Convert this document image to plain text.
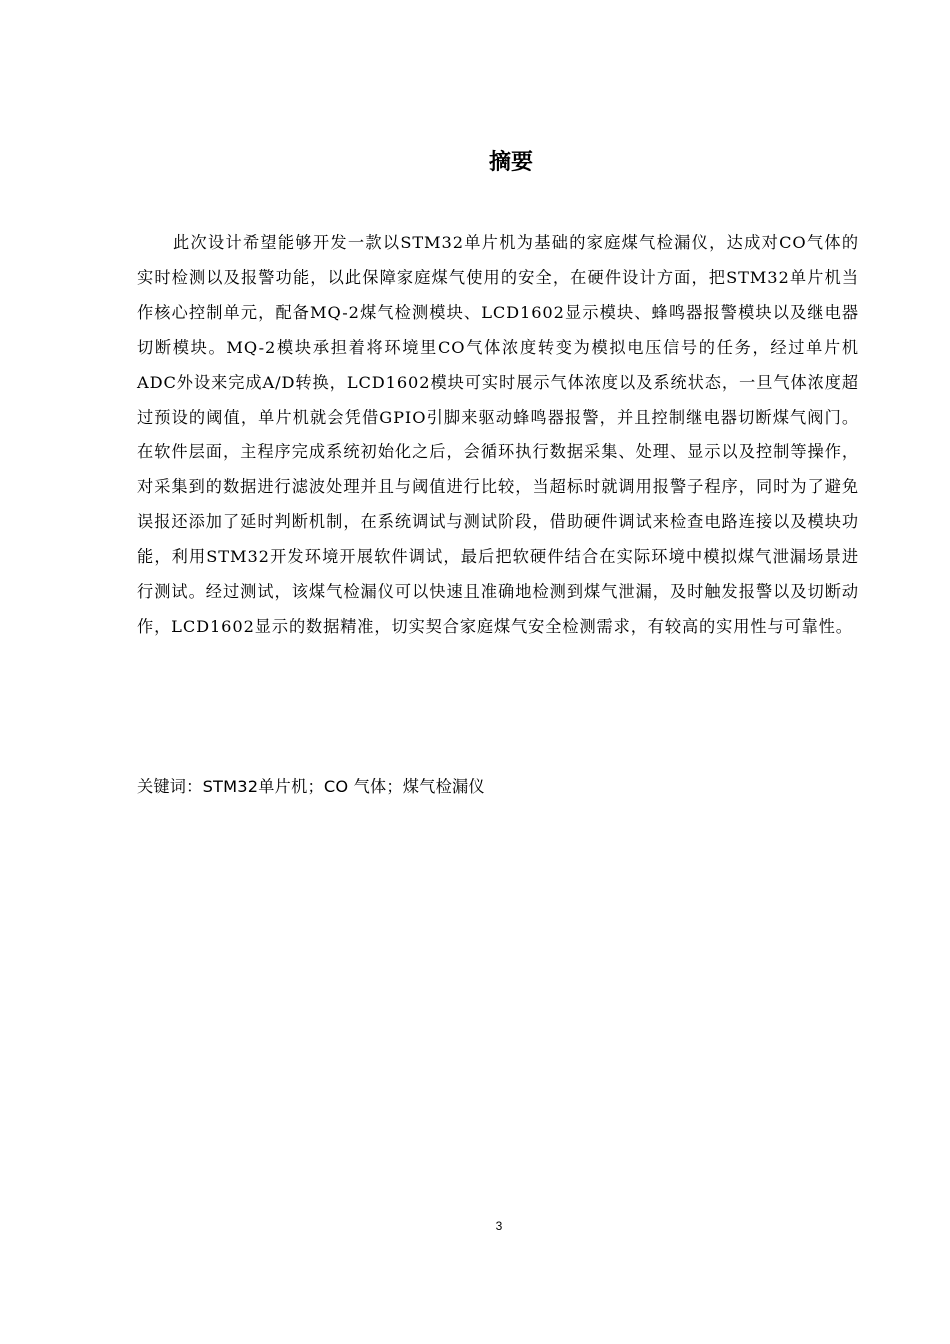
摘要

此次设计希望能够开发一款以STM32单片机为基础的家庭煤气检漏仪，达成对CO气体的实时检测以及报警功能，以此保障家庭煤气使用的安全，在硬件设计方面，把STM32单片机当作核心控制单元，配备MQ-2煤气检测模块、LCD1602显示模块、蜂鸣器报警模块以及继电器切断模块。MQ-2模块承担着将环境里CO气体浓度转变为模拟电压信号的任务，经过单片机ADC外设来完成A/D转换，LCD1602模块可实时展示气体浓度以及系统状态，一旦气体浓度超过预设的阈值，单片机就会凭借GPIO引脚来驱动蜂鸣器报警，并且控制继电器切断煤气阀门。在软件层面，主程序完成系统初始化之后，会循环执行数据采集、处理、显示以及控制等操作，对采集到的数据进行滤波处理并且与阈值进行比较，当超标时就调用报警子程序，同时为了避免误报还添加了延时判断机制，在系统调试与测试阶段，借助硬件调试来检查电路连接以及模块功能，利用STM32开发环境开展软件调试，最后把软硬件结合在实际环境中模拟煤气泄漏场景进行测试。经过测试，该煤气检漏仪可以快速且准确地检测到煤气泄漏，及时触发报警以及切断动作，LCD1602显示的数据精准，切实契合家庭煤气安全检测需求，有较高的实用性与可靠性。

关键词：STM32单片机；CO 气体；煤气检漏仪
3
